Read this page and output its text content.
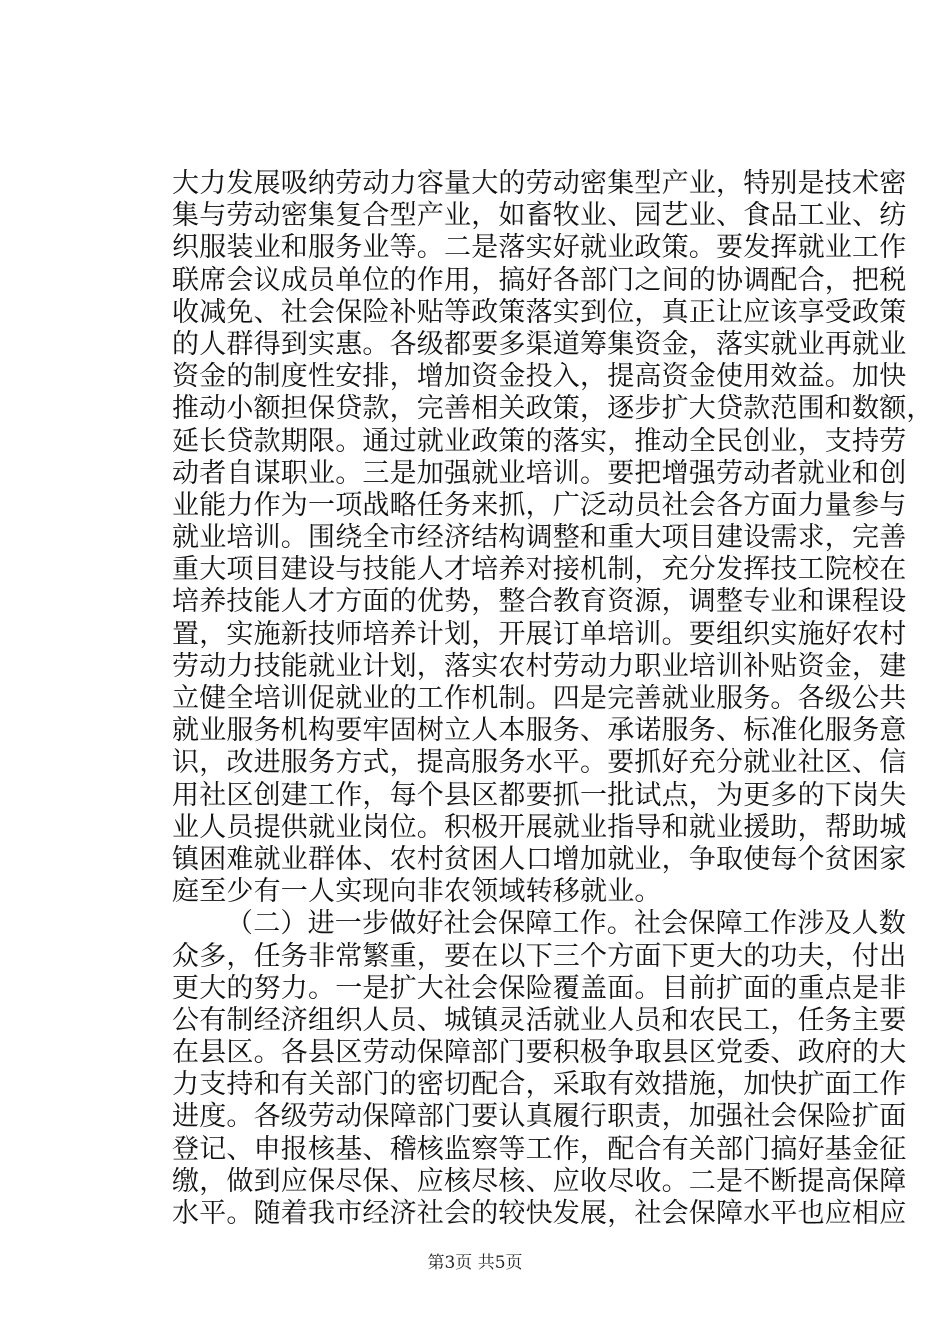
大力发展吸纳劳动力容量大的劳动密集型产业，特别是技术密
集与劳动密集复合型产业，如畜牧业、园艺业、食品工业、纺
织服装业和服务业等。二是落实好就业政策。要发挥就业工作
联席会议成员单位的作用，搞好各部门之间的协调配合，把税
收减免、社会保险补贴等政策落实到位，真正让应该享受政策
的人群得到实惠。各级都要多渠道筹集资金，落实就业再就业
资金的制度性安排，增加资金投入，提高资金使用效益。加快
推动小额担保贷款，完善相关政策，逐步扩大贷款范围和数额，
延长贷款期限。通过就业政策的落实，推动全民创业，支持劳
动者自谋职业。三是加强就业培训。要把增强劳动者就业和创
业能力作为一项战略任务来抓，广泛动员社会各方面力量参与
就业培训。围绕全市经济结构调整和重大项目建设需求，完善
重大项目建设与技能人才培养对接机制，充分发挥技工院校在
培养技能人才方面的优势，整合教育资源，调整专业和课程设
置，实施新技师培养计划，开展订单培训。要组织实施好农村
劳动力技能就业计划，落实农村劳动力职业培训补贴资金，建
立健全培训促就业的工作机制。四是完善就业服务。各级公共
就业服务机构要牢固树立人本服务、承诺服务、标准化服务意
识，改进服务方式，提高服务水平。要抓好充分就业社区、信
用社区创建工作，每个县区都要抓一批试点，为更多的下岗失
业人员提供就业岗位。积极开展就业指导和就业援助，帮助城
镇困难就业群体、农村贫困人口增加就业，争取使每个贫困家
庭至少有一人实现向非农领域转移就业。
（二）进一步做好社会保障工作。社会保障工作涉及人数
众多，任务非常繁重，要在以下三个方面下更大的功夫，付出
更大的努力。一是扩大社会保险覆盖面。目前扩面的重点是非
公有制经济组织人员、城镇灵活就业人员和农民工，任务主要
在县区。各县区劳动保障部门要积极争取县区党委、政府的大
力支持和有关部门的密切配合，采取有效措施，加快扩面工作
进度。各级劳动保障部门要认真履行职责，加强社会保险扩面
登记、申报核基、稽核监察等工作，配合有关部门搞好基金征
缴，做到应保尽保、应核尽核、应收尽收。二是不断提高保障
水平。随着我市经济社会的较快发展，社会保障水平也应相应
第3页 共5页
